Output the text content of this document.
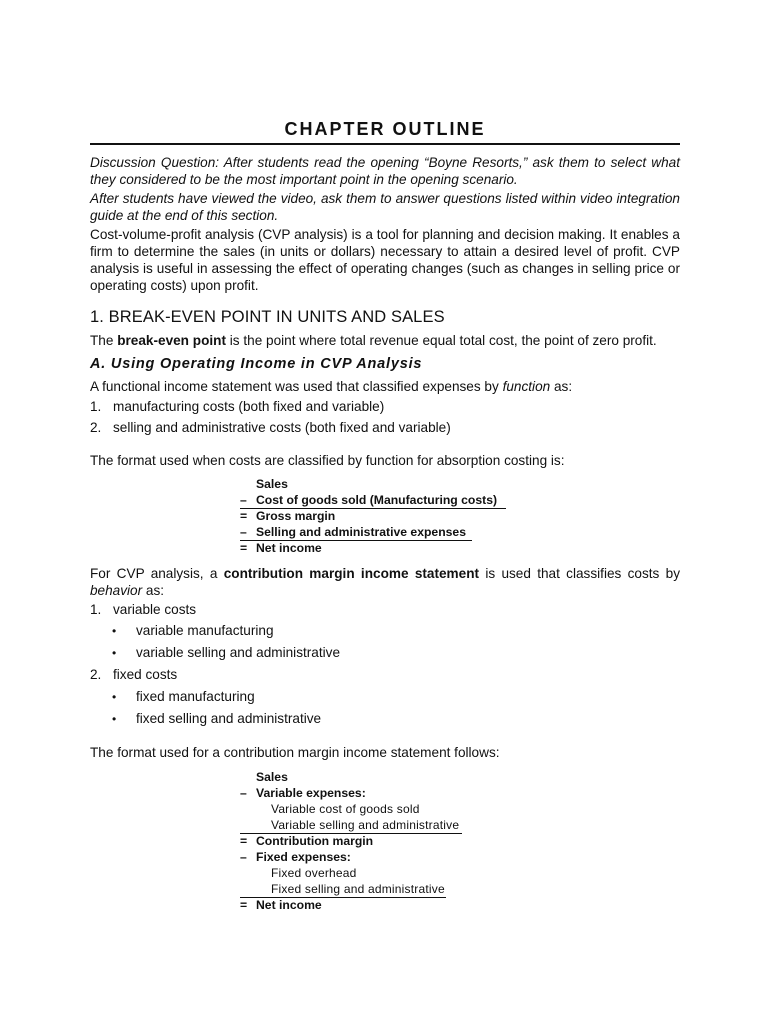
CHAPTER OUTLINE
Discussion Question: After students read the opening “Boyne Resorts,” ask them to select what they considered to be the most important point in the opening scenario.
After students have viewed the video, ask them to answer questions listed within video integration guide at the end of this section.
Cost-volume-profit analysis (CVP analysis) is a tool for planning and decision making. It enables a firm to determine the sales (in units or dollars) necessary to attain a desired level of profit. CVP analysis is useful in assessing the effect of operating changes (such as changes in selling price or operating costs) upon profit.
1. BREAK-EVEN POINT IN UNITS AND SALES
The break-even point is the point where total revenue equal total cost, the point of zero profit.
A. Using Operating Income in CVP Analysis
A functional income statement was used that classified expenses by function as:
1. manufacturing costs (both fixed and variable)
2. selling and administrative costs (both fixed and variable)
The format used when costs are classified by function for absorption costing is:
Sales
– Cost of goods sold (Manufacturing costs)
= Gross margin
– Selling and administrative expenses
= Net income
For CVP analysis, a contribution margin income statement is used that classifies costs by behavior as:
1. variable costs
• variable manufacturing
• variable selling and administrative
2. fixed costs
• fixed manufacturing
• fixed selling and administrative
The format used for a contribution margin income statement follows:
Sales
– Variable expenses:
Variable cost of goods sold
Variable selling and administrative
= Contribution margin
– Fixed expenses:
Fixed overhead
Fixed selling and administrative
= Net income
